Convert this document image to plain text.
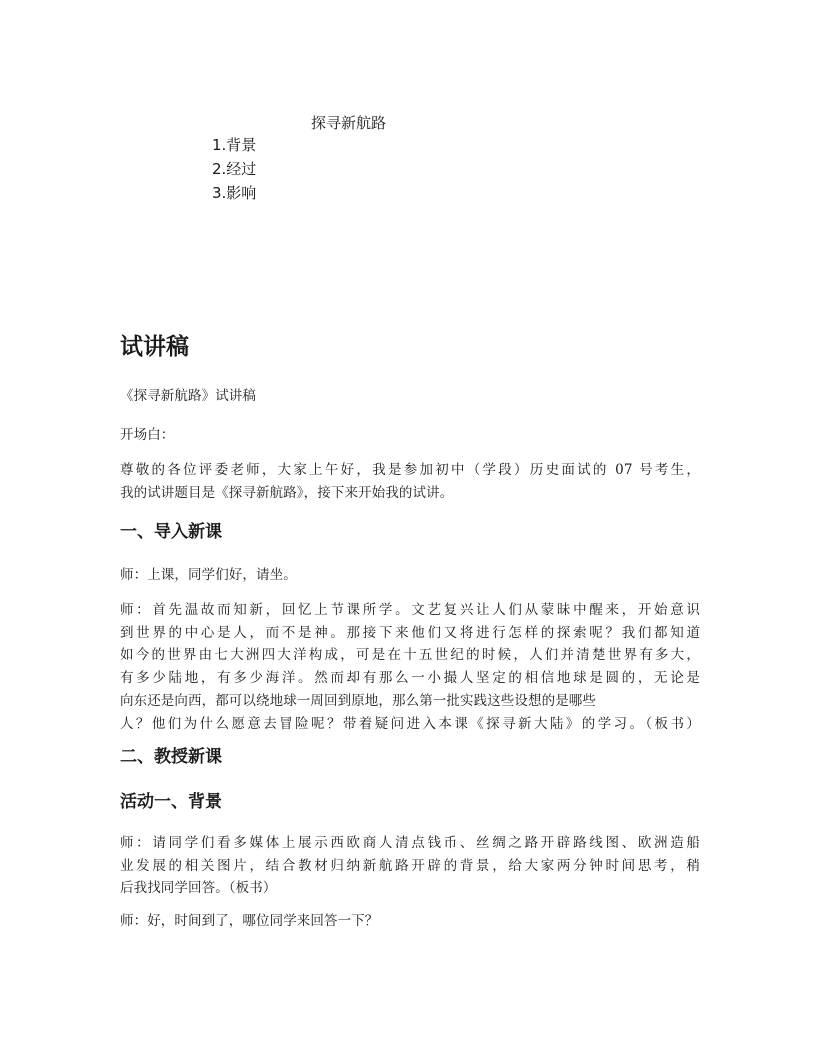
探寻新航路
1.背景
2.经过
3.影响
试讲稿

《探寻新航路》试讲稿

开场白：

尊敬的各位评委老师，大家上午好，我是参加初中（学段）历史面试的 07 号考生，
我的试讲题目是《探寻新航路》，接下来开始我的试讲。

一、导入新课

师：上课，同学们好，请坐。

师：首先温故而知新，回忆上节课所学。文艺复兴让人们从蒙昧中醒来，开始意识
到世界的中心是人，而不是神。那接下来他们又将进行怎样的探索呢？我们都知道
如今的世界由七大洲四大洋构成，可是在十五世纪的时候，人们并清楚世界有多大，
有多少陆地，有多少海洋。然而却有那么一小撮人坚定的相信地球是圆的，无论是
向东还是向西，都可以绕地球一周回到原地，那么第一批实践这些设想的是哪些
人？他们为什么愿意去冒险呢？带着疑问进入本课《探寻新大陆》的学习。（板书）

二、教授新课
活动一、背景

师：请同学们看多媒体上展示西欧商人清点钱币、丝绸之路开辟路线图、欧洲造船
业发展的相关图片，结合教材归纳新航路开辟的背景，给大家两分钟时间思考，稍
后我找同学回答。（板书）

师：好，时间到了，哪位同学来回答一下？
